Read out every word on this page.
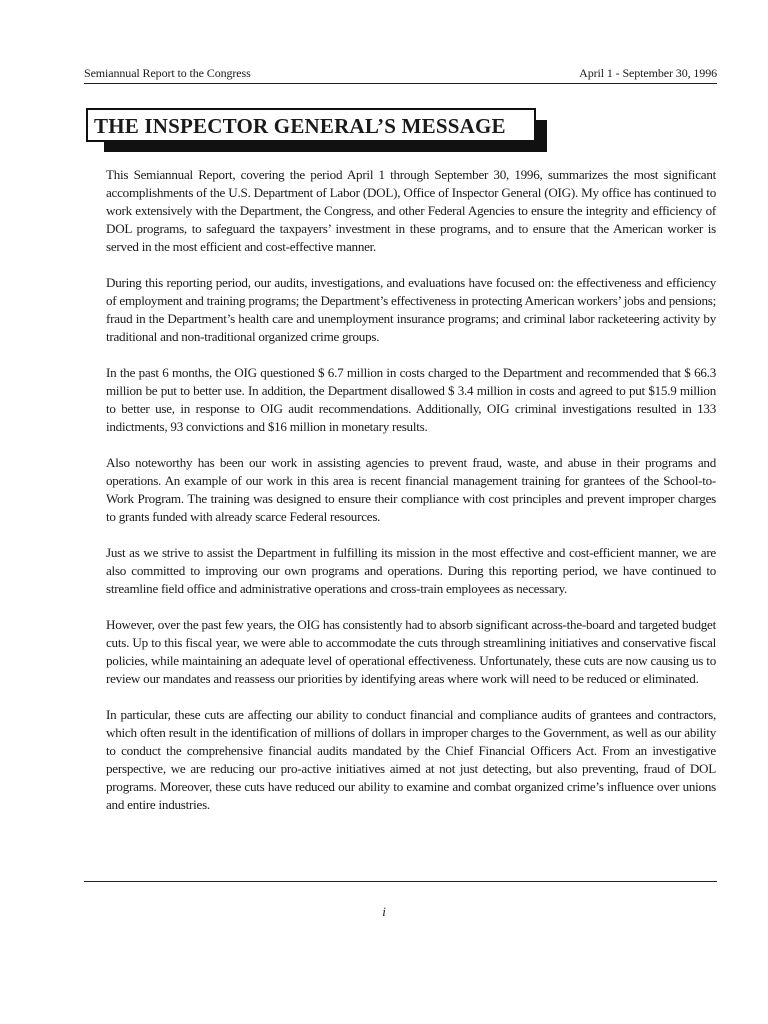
Semiannual Report to the Congress	April 1 - September 30, 1996
THE INSPECTOR GENERAL’S MESSAGE

This Semiannual Report, covering the period April 1 through September 30, 1996, summarizes the most significant accomplishments of the U.S. Department of Labor (DOL), Office of Inspector General (OIG). My office has continued to work extensively with the Department, the Congress, and other Federal Agencies to ensure the integrity and efficiency of DOL programs, to safeguard the taxpayers’ investment in these programs, and to ensure that the American worker is served in the most efficient and cost-effective manner.

During this reporting period, our audits, investigations, and evaluations have focused on: the effectiveness and efficiency of employment and training programs; the Department’s effectiveness in protecting American workers’ jobs and pensions; fraud in the Department’s health care and unemployment insurance programs; and criminal labor racketeering activity by traditional and non-traditional organized crime groups.

In the past 6 months, the OIG questioned $ 6.7 million in costs charged to the Department and recommended that $ 66.3 million be put to better use. In addition, the Department disallowed $ 3.4 million in costs and agreed to put $15.9 million to better use, in response to OIG audit recommendations. Additionally, OIG criminal investigations resulted in 133 indictments, 93 convictions and $16 million in monetary results.

Also noteworthy has been our work in assisting agencies to prevent fraud, waste, and abuse in their programs and operations. An example of our work in this area is recent financial management training for grantees of the School-to-Work Program. The training was designed to ensure their compliance with cost principles and prevent improper charges to grants funded with already scarce Federal resources.

Just as we strive to assist the Department in fulfilling its mission in the most effective and cost-efficient manner, we are also committed to improving our own programs and operations. During this reporting period, we have continued to streamline field office and administrative operations and cross-train employees as necessary.

However, over the past few years, the OIG has consistently had to absorb significant across-the-board and targeted budget cuts. Up to this fiscal year, we were able to accommodate the cuts through streamlining initiatives and conservative fiscal policies, while maintaining an adequate level of operational effectiveness. Unfortunately, these cuts are now causing us to review our mandates and reassess our priorities by identifying areas where work will need to be reduced or eliminated.

In particular, these cuts are affecting our ability to conduct financial and compliance audits of grantees and contractors, which often result in the identification of millions of dollars in improper charges to the Government, as well as our ability to conduct the comprehensive financial audits mandated by the Chief Financial Officers Act. From an investigative perspective, we are reducing our pro-active initiatives aimed at not just detecting, but also preventing, fraud of DOL programs. Moreover, these cuts have reduced our ability to examine and combat organized crime’s influence over unions and entire industries.

i
